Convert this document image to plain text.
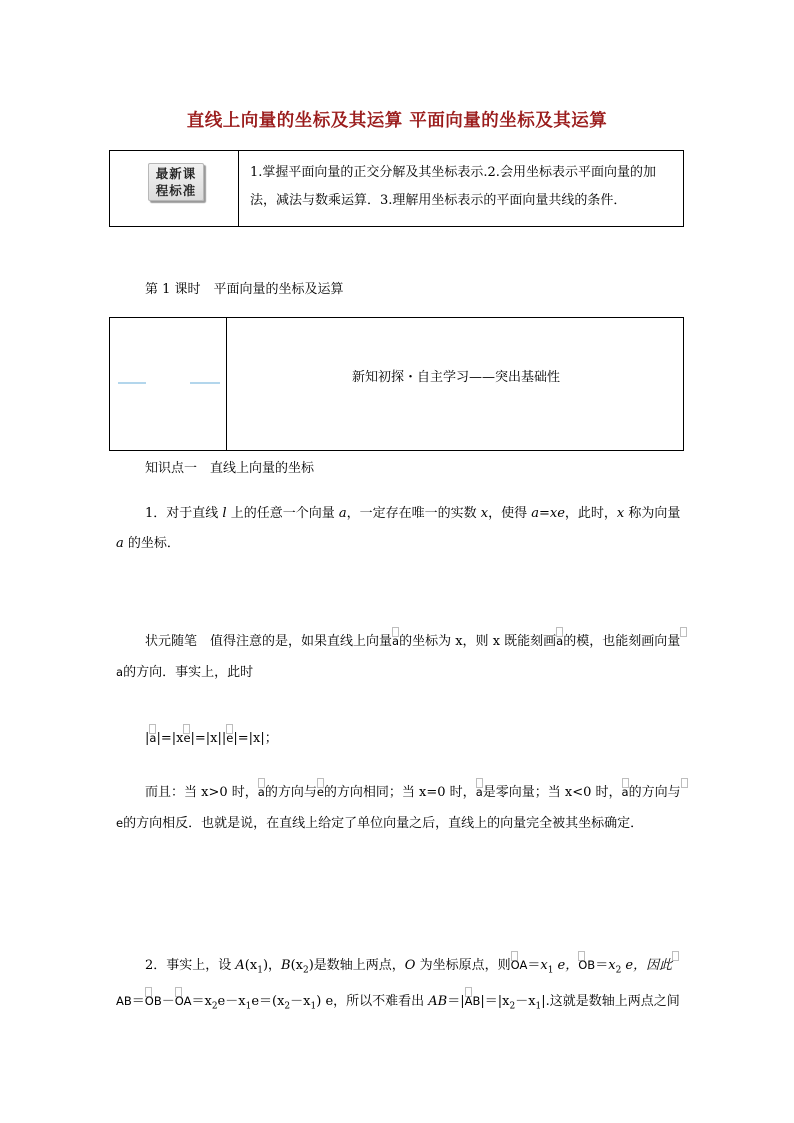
直线上向量的坐标及其运算 平面向量的坐标及其运算
最新课
程标准
1.掌握平面向量的正交分解及其坐标表示.2.会用坐标表示平面向量的加法，减法与数乘运算．3.理解用坐标表示的平面向量共线的条件．
第 1 课时　平面向量的坐标及运算
新知初探・自主学习——突出基础性
知识点一　直线上向量的坐标
1．对于直线 l 上的任意一个向量 a，一定存在唯一的实数 x，使得 a=xe，此时，x 称为向量 a 的坐标．
状元随笔　值得注意的是，如果直线上向量a的坐标为 x，则 x 既能刻画a的模，也能刻画向量a的方向．事实上，此时
|a|=|xe|=|x||e|=|x|；
而且：当 x>0 时，a的方向与e的方向相同；当 x=0 时，a是零向量；当 x<0 时，a的方向与e的方向相反．也就是说，在直线上给定了单位向量之后，直线上的向量完全被其坐标确定．
2．事实上，设 $A(x_1)$，$B(x_2)$是数轴上两点，O 为坐标原点，则$OA=x_1$ e，$OB=x_2$ e，因此$AB=OB-OA=x_2e-x_1e=(x_2-x_1)$ e，所以不难看出 $AB=|AB|=|x_2-x_1|$.这就是数轴上两点之间
